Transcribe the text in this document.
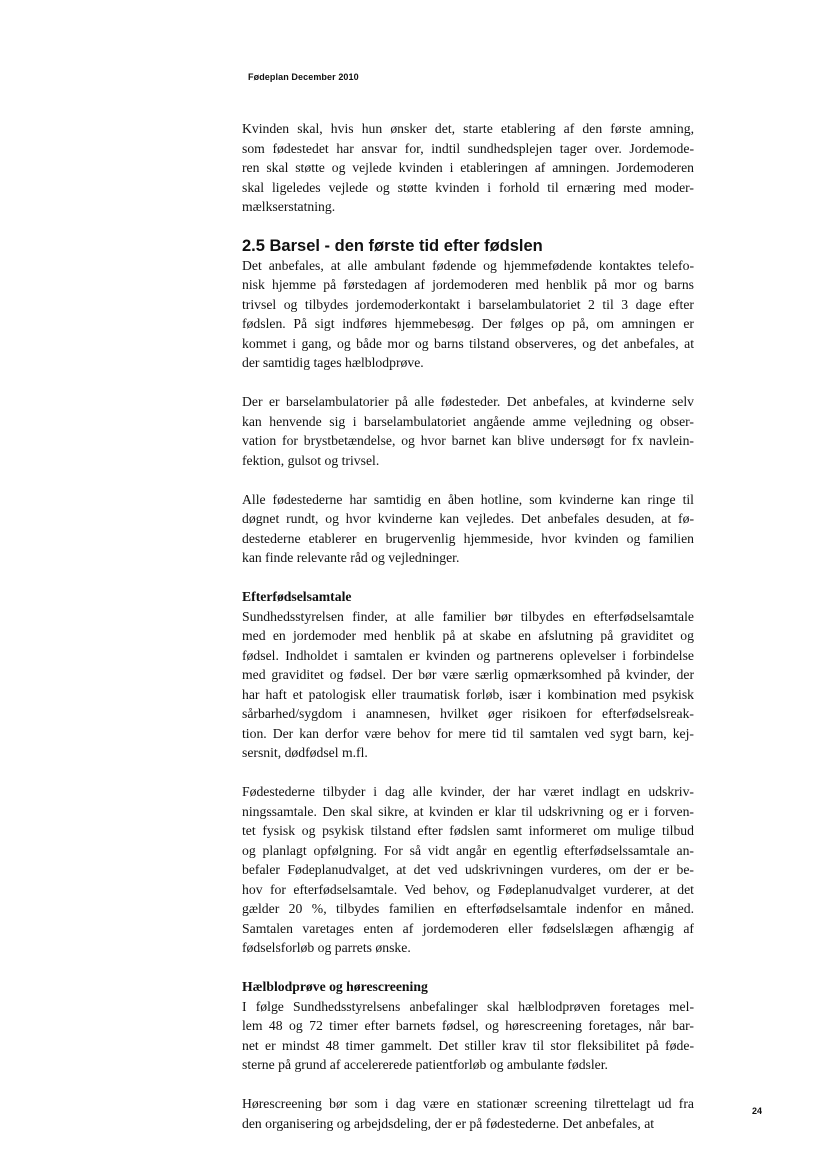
Fødeplan December 2010

Kvinden skal, hvis hun ønsker det, starte etablering af den første amning,
som fødestedet har ansvar for, indtil sundhedsplejen tager over. Jordemode-
ren skal støtte og vejlede kvinden i etableringen af amningen. Jordemoderen
skal ligeledes vejlede og støtte kvinden i forhold til ernæring med moder-
mælkserstatning.

2.5 Barsel - den første tid efter fødslen

Det anbefales, at alle ambulant fødende og hjemmefødende kontaktes telefo-
nisk hjemme på førstedagen af jordemoderen med henblik på mor og barns
trivsel og tilbydes jordemoderkontakt i barselambulatoriet 2 til 3 dage efter
fødslen. På sigt indføres hjemmebesøg. Der følges op på, om amningen er
kommet i gang, og både mor og barns tilstand observeres, og det anbefales, at
der samtidig tages hælblodprøve.

Der er barselambulatorier på alle fødesteder. Det anbefales, at kvinderne selv
kan henvende sig i barselambulatoriet angående amme vejledning og obser-
vation for brystbetændelse, og hvor barnet kan blive undersøgt for fx navlein-
fektion, gulsot og trivsel.

Alle fødestederne har samtidig en åben hotline, som kvinderne kan ringe til
døgnet rundt, og hvor kvinderne kan vejledes. Det anbefales desuden, at fø-
destederne etablerer en brugervenlig hjemmeside, hvor kvinden og familien
kan finde relevante råd og vejledninger.

Efterfødselsamtale

Sundhedsstyrelsen finder, at alle familier bør tilbydes en efterfødselsamtale
med en jordemoder med henblik på at skabe en afslutning på graviditet og
fødsel. Indholdet i samtalen er kvinden og partnerens oplevelser i forbindelse
med graviditet og fødsel. Der bør være særlig opmærksomhed på kvinder, der
har haft et patologisk eller traumatisk forløb, især i kombination med psykisk
sårbarhed/sygdom i anamnesen, hvilket øger risikoen for efterfødselsreak-
tion. Der kan derfor være behov for mere tid til samtalen ved sygt barn, kej-
sersnit, dødfødsel m.fl.

Fødestederne tilbyder i dag alle kvinder, der har været indlagt en udskriv-
ningssamtale. Den skal sikre, at kvinden er klar til udskrivning og er i forven-
tet fysisk og psykisk tilstand efter fødslen samt informeret om mulige tilbud
og planlagt opfølgning. For så vidt angår en egentlig efterfødselssamtale an-
befaler Fødeplanudvalget, at det ved udskrivningen vurderes, om der er be-
hov for efterfødselsamtale. Ved behov, og Fødeplanudvalget vurderer, at det
gælder 20 %, tilbydes familien en efterfødselsamtale indenfor en måned.
Samtalen varetages enten af jordemoderen eller fødselslægen afhængig af
fødselsforløb og parrets ønske.

Hælblodprøve og hørescreening

I følge Sundhedsstyrelsens anbefalinger skal hælblodprøven foretages mel-
lem 48 og 72 timer efter barnets fødsel, og hørescreening foretages, når bar-
net er mindst 48 timer gammelt. Det stiller krav til stor fleksibilitet på føde-
sterne på grund af accelererede patientforløb og ambulante fødsler.

Hørescreening bør som i dag være en stationær screening tilrettelagt ud fra
den organisering og arbejdsdeling, der er på fødestederne. Det anbefales, at

24
